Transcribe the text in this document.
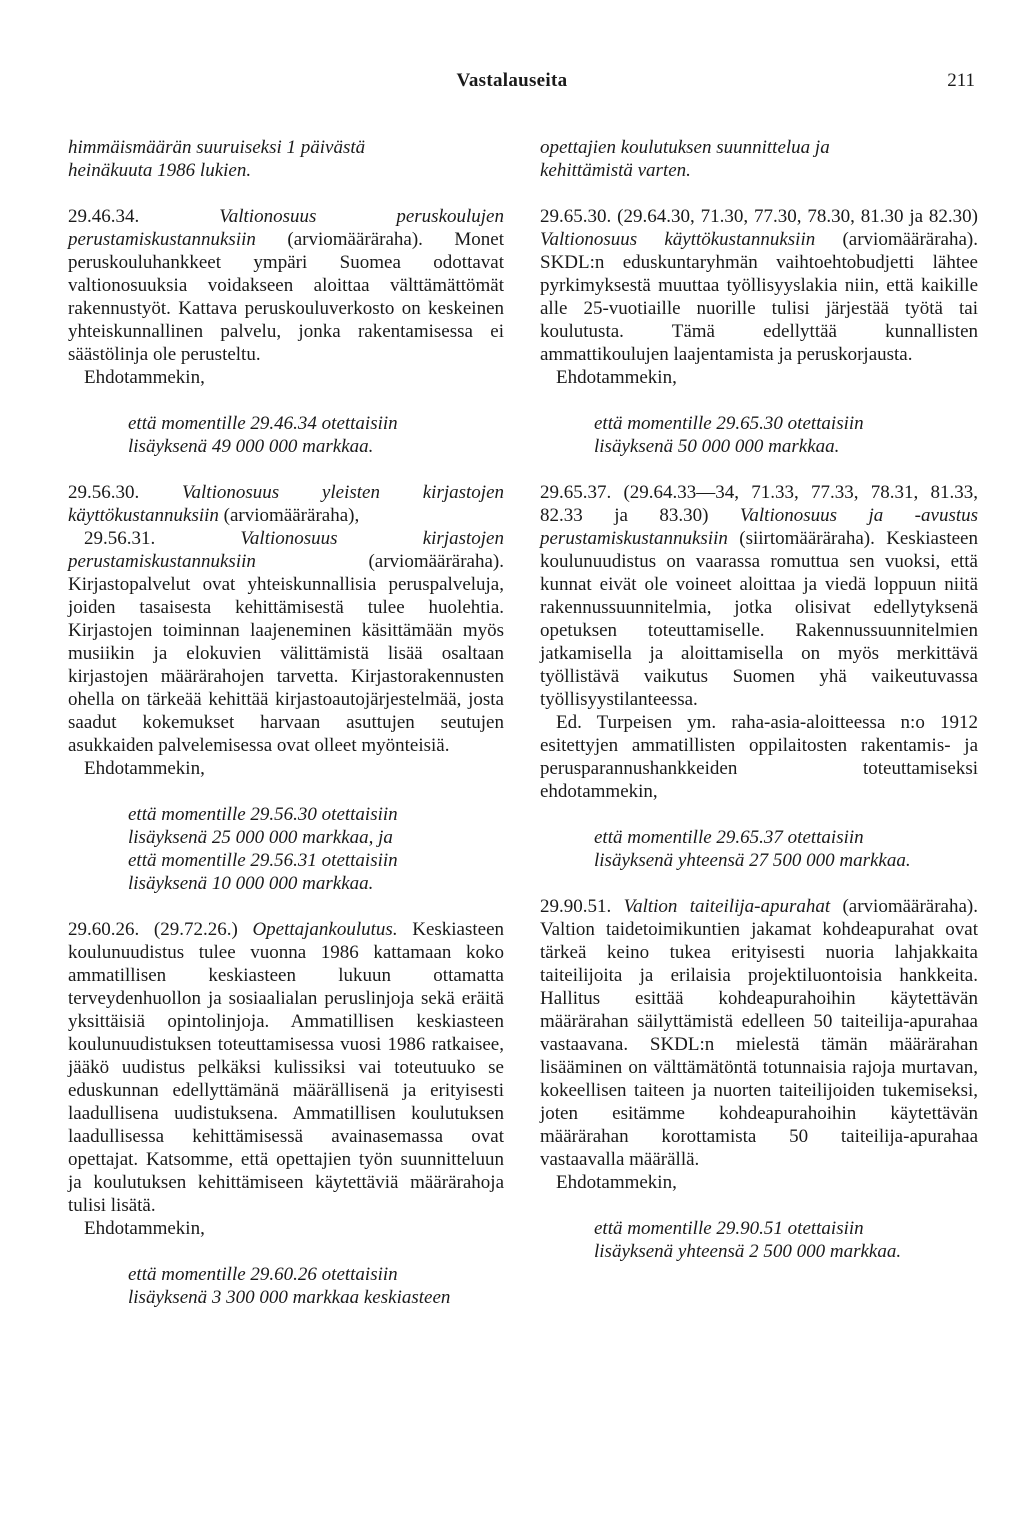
Vastalauseita	211

himmäismäärän suuruiseksi 1 päivästä

heinäkuuta 1986 lukien.

29.46.34.	Valtionosuus peruskoulujen perustamiskustannuksiin (arviomääräraha). Monet peruskouluhankkeet ympäri Suomea odottavat valtionosuuksia voidakseen aloittaa välttämättömät rakennustyöt. Kattava peruskouluverkosto on keskeinen yhteiskunnallinen palvelu, jonka rakentamisessa ei säästölinja ole perusteltu.

Ehdotammekin,

että momentille 29.46.34 otettaisiin

lisäyksenä 49 000 000 markkaa.

29.56.30. Valtionosuus yleisten kirjastojen käyttökustannuksiin (arviomääräraha),

29.56.31.	Valtionosuus kirjastojen perustamiskustannuksiin	(arviomääräraha). Kirjastopalvelut ovat yhteiskunnallisia peruspalveluja, joiden tasaisesta kehittämisestä tulee huolehtia. Kirjastojen toiminnan laajeneminen käsittämään myös musiikin ja elokuvien välittämistä lisää osaltaan kirjastojen määrärahojen tarvetta. Kirjastorakennusten ohella on tärkeää kehittää kirjastoautojärjestelmää, josta saadut kokemukset harvaan asuttujen seutujen asukkaiden palvelemisessa ovat olleet myönteisiä.

Ehdotammekin,

että momentille 29.56.30 otettaisiin

lisäyksenä 25 000 000 markkaa, ja

että momentille 29.56.31 otettaisiin

lisäyksenä 10 000 000 markkaa.

29.60.26. (29.72.26.) Opettajankoulutus. Keskiasteen koulunuudistus tulee vuonna 1986 kattamaan koko ammatillisen keskiasteen lukuun ottamatta terveydenhuollon ja sosiaalialan peruslinjoja sekä eräitä yksittäisiä opintolinjoja. Ammatillisen keskiasteen koulunuudistuksen toteuttamisessa vuosi 1986 ratkaisee, jääkö uudistus pelkäksi kulissiksi vai toteutuuko se eduskunnan edellyttämänä määrällisenä ja erityisesti laadullisena uudistuksena. Ammatillisen koulutuksen laadullisessa kehittämisessä avainasemassa ovat opettajat. Katsomme, että opettajien työn suunnitteluun ja koulutuksen kehittämiseen käytettäviä määrärahoja tulisi lisätä.

Ehdotammekin,

että momentille 29.60.26 otettaisiin

lisäyksenä 3 300 000 markkaa keskiasteen

opettajien koulutuksen suunnittelua ja

kehittämistä varten.

29.65.30. (29.64.30, 71.30, 77.30, 78.30, 81.30 ja 82.30) Valtionosuus käyttökustannuksiin (arviomääräraha). SKDL:n eduskuntaryhmän vaihtoehtobudjetti lähtee pyrkimyksestä muuttaa työllisyyslakia niin, että kaikille alle 25-vuotiaille nuorille tulisi järjestää työtä tai koulutusta. Tämä edellyttää kunnallisten ammattikoulujen laajentamista ja peruskorjausta.

Ehdotammekin,

että momentille 29.65.30 otettaisiin

lisäyksenä 50 000 000 markkaa.

29.65.37. (29.64.33—34, 71.33, 77.33, 78.31, 81.33, 82.33 ja 83.30) Valtionosuus ja -avustus perustamiskustannuksiin (siirtomääräraha). Keskiasteen koulunuudistus on vaarassa romuttua sen vuoksi, että kunnat eivät ole voineet aloittaa ja viedä loppuun niitä rakennussuunnitelmia, jotka olisivat edellytyksenä opetuksen toteuttamiselle. Rakennussuunnitelmien jatkamisella ja aloittamisella on myös merkittävä työllistävä vaikutus Suomen yhä vaikeutuvassa työllisyystilanteessa.

Ed. Turpeisen ym. raha-asia-aloitteessa n:o 1912 esitettyjen ammatillisten oppilaitosten rakentamis- ja perusparannushankkeiden toteuttamiseksi ehdotammekin,

että momentille 29.65.37 otettaisiin

lisäyksenä yhteensä 27 500 000 markkaa.

29.90.51. Valtion taiteilija-apurahat (arviomääräraha). Valtion taidetoimikuntien jakamat kohdeapurahat ovat tärkeä keino tukea erityisesti nuoria lahjakkaita taiteilijoita ja erilaisia projektiluontoisia hankkeita. Hallitus esittää kohdeapurahoihin käytettävän määrärahan säilyttämistä edelleen 50 taiteilija-apurahaa vastaavana. SKDL:n mielestä tämän määrärahan lisääminen on välttämätöntä totunnaisia rajoja murtavan, kokeellisen taiteen ja nuorten taiteilijoiden tukemiseksi, joten esitämme kohdeapurahoihin käytettävän määrärahan korottamista 50 taiteilija-apurahaa vastaavalla määrällä.

Ehdotammekin,

että momentille 29.90.51 otettaisiin

lisäyksenä yhteensä 2 500 000 markkaa.
